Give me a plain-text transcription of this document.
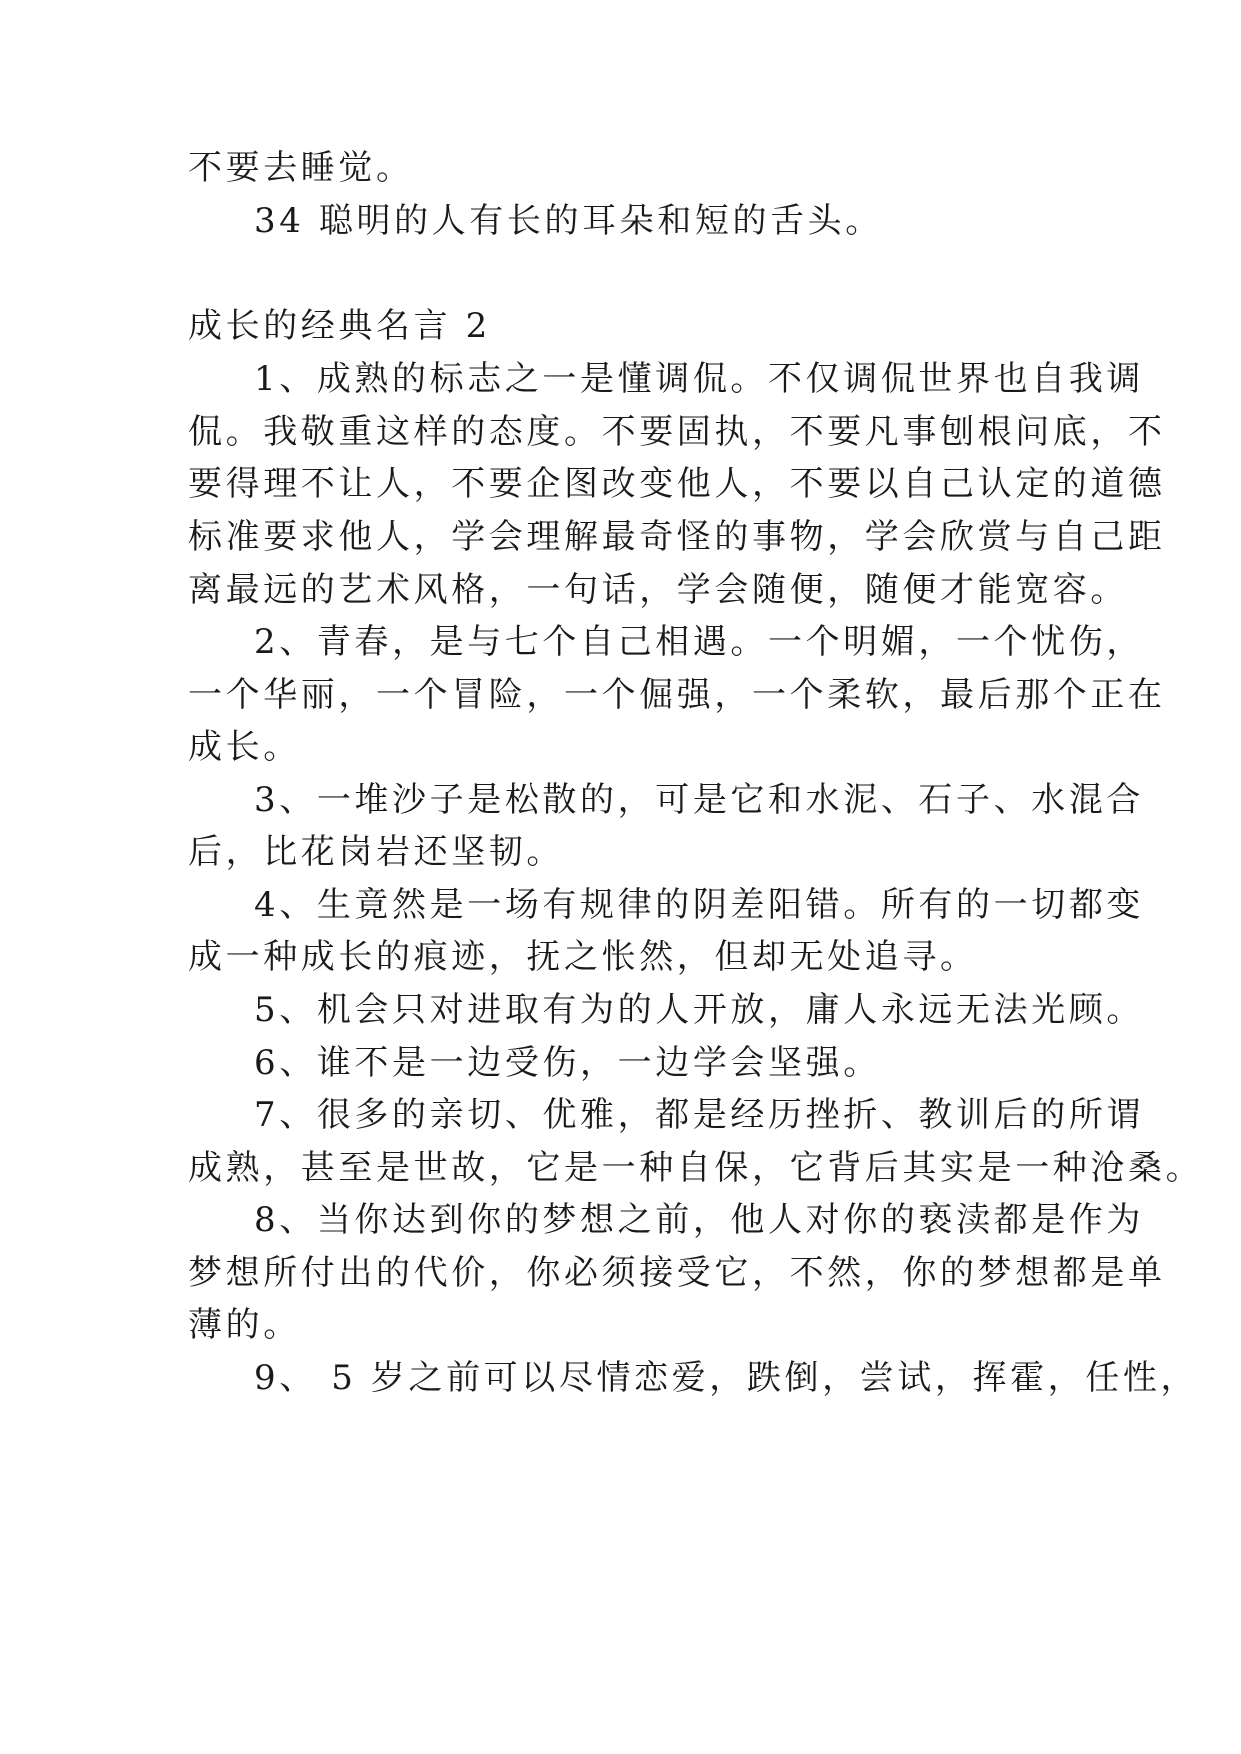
不要去睡觉。
34 聪明的人有长的耳朵和短的舌头。
成长的经典名言 2
1、成熟的标志之一是懂调侃。不仅调侃世界也自我调
侃。我敬重这样的态度。不要固执，不要凡事刨根问底，不
要得理不让人，不要企图改变他人，不要以自己认定的道德
标准要求他人，学会理解最奇怪的事物，学会欣赏与自己距
离最远的艺术风格，一句话，学会随便，随便才能宽容。
2、青春，是与七个自己相遇。一个明媚，一个忧伤，
一个华丽，一个冒险，一个倔强，一个柔软，最后那个正在
成长。
3、一堆沙子是松散的，可是它和水泥、石子、水混合
后，比花岗岩还坚韧。
4、生竟然是一场有规律的阴差阳错。所有的一切都变
成一种成长的痕迹，抚之怅然，但却无处追寻。
5、机会只对进取有为的人开放，庸人永远无法光顾。
6、谁不是一边受伤，一边学会坚强。
7、很多的亲切、优雅，都是经历挫折、教训后的所谓
成熟，甚至是世故，它是一种自保，它背后其实是一种沧桑。
8、当你达到你的梦想之前，他人对你的亵渎都是作为
梦想所付出的代价，你必须接受它，不然，你的梦想都是单
薄的。
9、 5 岁之前可以尽情恋爱，跌倒，尝试，挥霍，任性，
